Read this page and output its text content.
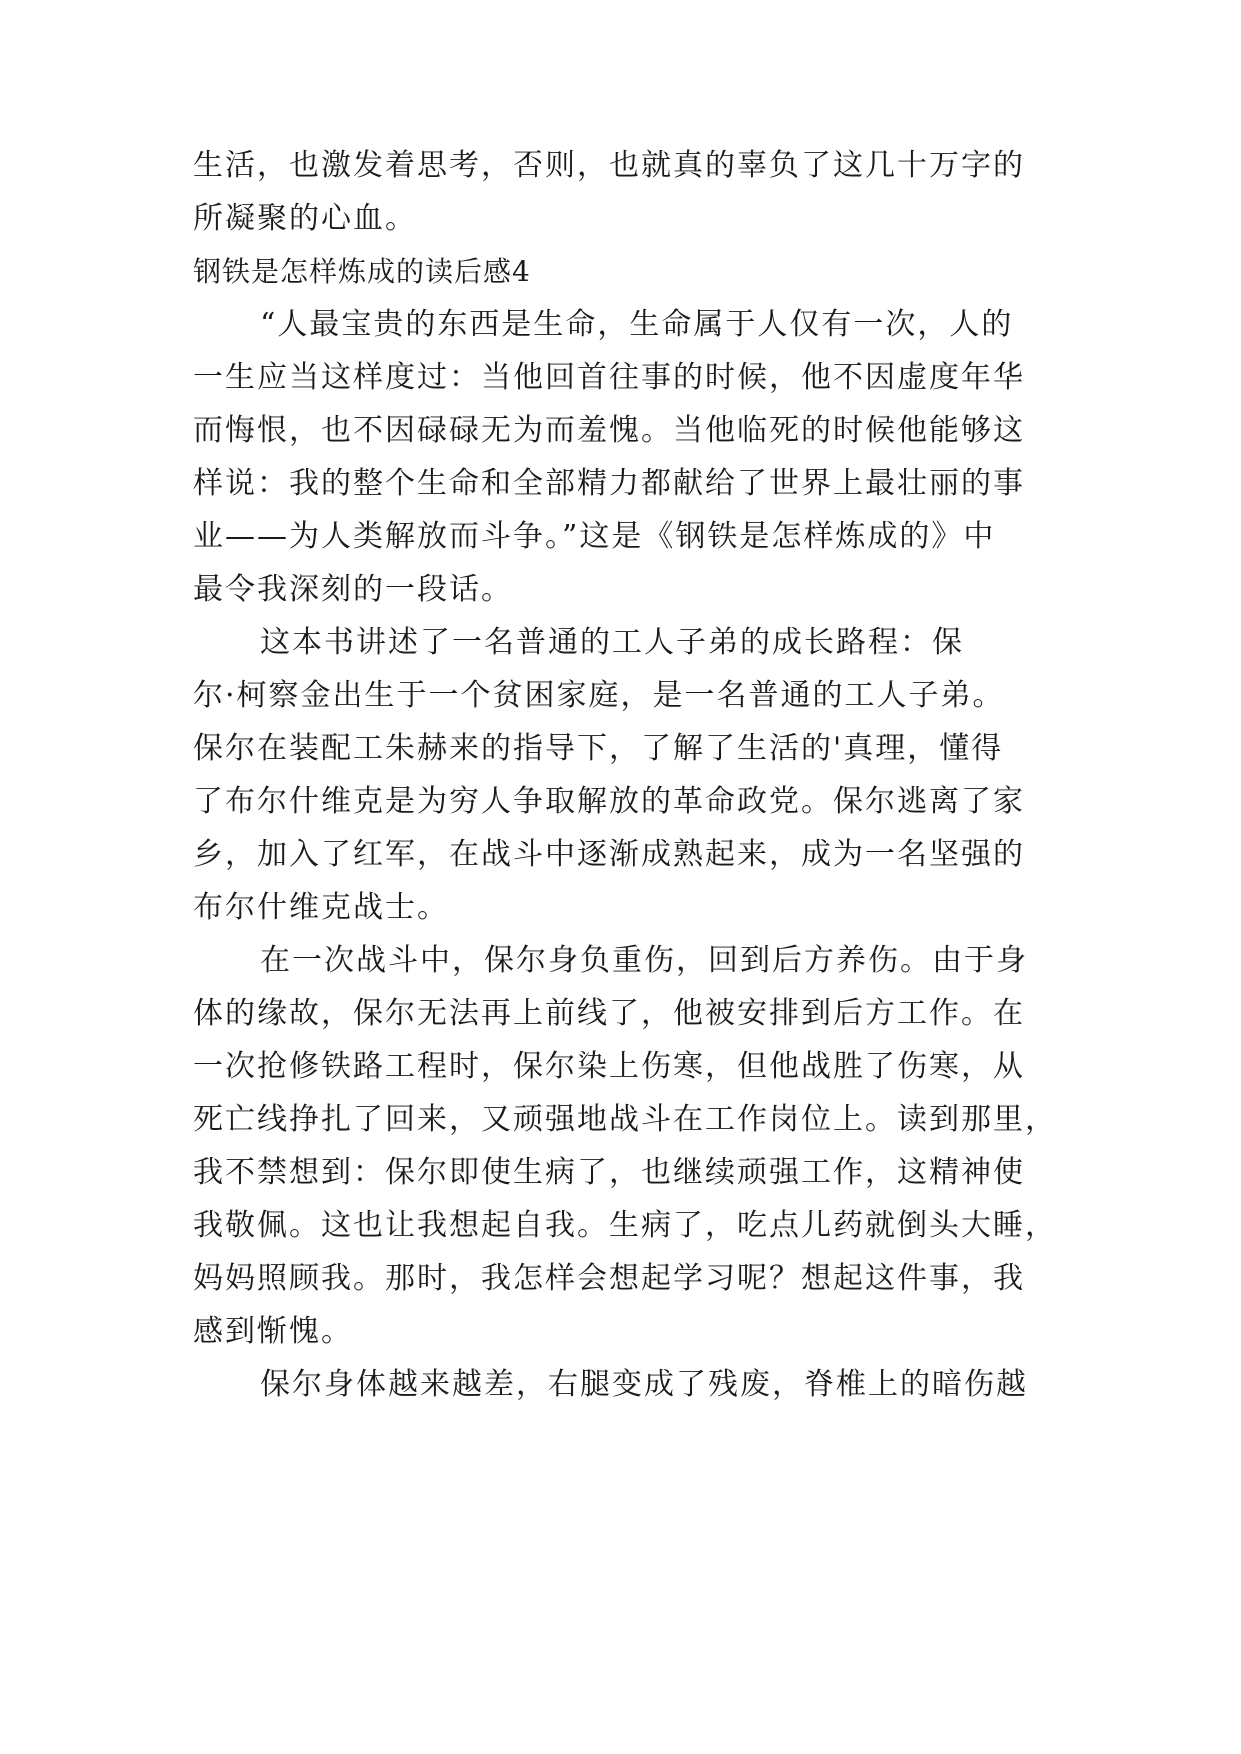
生活，也激发着思考，否则，也就真的辜负了这几十万字的
所凝聚的心血。
钢铁是怎样炼成的读后感4
“人最宝贵的东西是生命，生命属于人仅有一次，人的
一生应当这样度过：当他回首往事的时候，他不因虚度年华
而悔恨，也不因碌碌无为而羞愧。当他临死的时候他能够这
样说：我的整个生命和全部精力都献给了世界上最壮丽的事
业——为人类解放而斗争。”这是《钢铁是怎样炼成的》中
最令我深刻的一段话。
这本书讲述了一名普通的工人子弟的成长路程：保
尔·柯察金出生于一个贫困家庭，是一名普通的工人子弟。
保尔在装配工朱赫来的指导下，了解了生活的'真理，懂得
了布尔什维克是为穷人争取解放的革命政党。保尔逃离了家
乡，加入了红军，在战斗中逐渐成熟起来，成为一名坚强的
布尔什维克战士。
在一次战斗中，保尔身负重伤，回到后方养伤。由于身
体的缘故，保尔无法再上前线了，他被安排到后方工作。在
一次抢修铁路工程时，保尔染上伤寒，但他战胜了伤寒，从
死亡线挣扎了回来，又顽强地战斗在工作岗位上。读到那里，
我不禁想到：保尔即使生病了，也继续顽强工作，这精神使
我敬佩。这也让我想起自我。生病了，吃点儿药就倒头大睡，
妈妈照顾我。那时，我怎样会想起学习呢？想起这件事，我
感到惭愧。
保尔身体越来越差，右腿变成了残废，脊椎上的暗伤越
